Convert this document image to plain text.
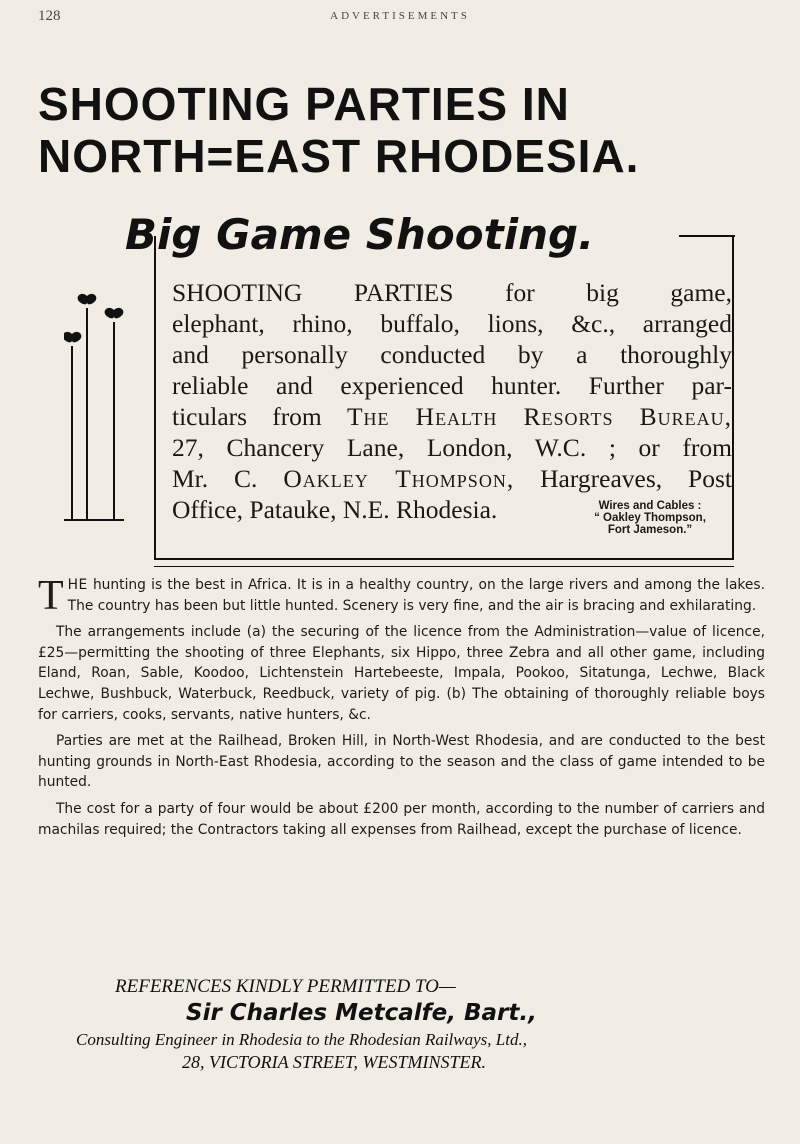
128	ADVERTISEMENTS
SHOOTING PARTIES IN
NORTH=EAST RHODESIA.
Big Game Shooting.
SHOOTING PARTIES for big game,
elephant, rhino, buffalo, lions, &c., arranged
and personally conducted by a thoroughly
reliable and experienced hunter. Further par-
ticulars from The Health Resorts Bureau,
27, Chancery Lane, London, W.C. ; or from
Mr. C. Oakley Thompson, Hargreaves, Post
Office, Patauke, N.E. Rhodesia.	Wires and Cables :
“ Oakley Thompson,
Fort Jameson.”

THE hunting is the best in Africa. It is in a healthy country, on the large rivers and among the lakes. The country has been but little hunted. Scenery is very fine, and the air is bracing and exhilarating.

The arrangements include (a) the securing of the licence from the Administration—value of licence, £25—permitting the shooting of three Elephants, six Hippo, three Zebra and all other game, including Eland, Roan, Sable, Koodoo, Lichtenstein Hartebeeste, Impala, Pookoo, Sitatunga, Lechwe, Black Lechwe, Bushbuck, Waterbuck, Reedbuck, variety of pig. (b) The obtaining of thoroughly reliable boys for carriers, cooks, servants, native hunters, &c.

Parties are met at the Railhead, Broken Hill, in North-West Rhodesia, and are conducted to the best hunting grounds in North-East Rhodesia, according to the season and the class of game intended to be hunted.

The cost for a party of four would be about £200 per month, according to the number of carriers and machilas required; the Contractors taking all expenses from Railhead, except the purchase of licence.

REFERENCES KINDLY PERMITTED TO—
Sir Charles Metcalfe, Bart.,
Consulting Engineer in Rhodesia to the Rhodesian Railways, Ltd.,
28, VICTORIA STREET, WESTMINSTER.
